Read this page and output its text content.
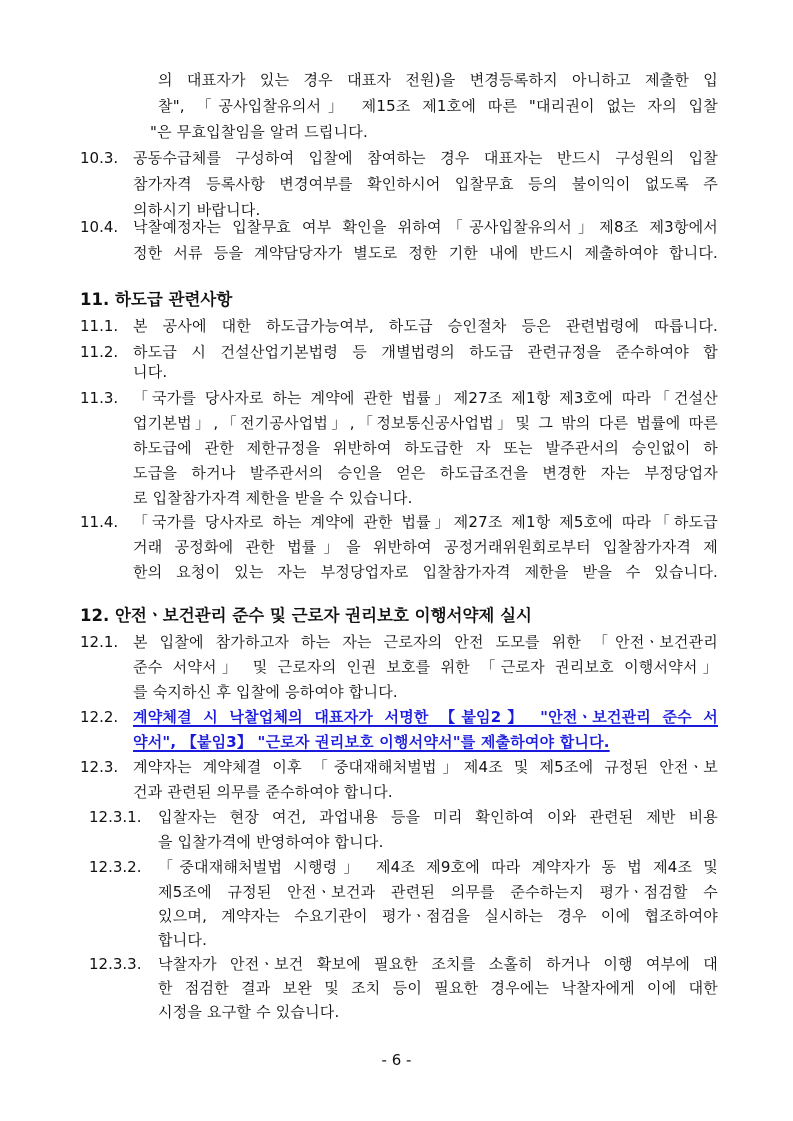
의 대표자가 있는 경우 대표자 전원)을 변경등록하지 아니하고 제출한 입
찰", 「공사입찰유의서」 제15조 제1호에 따른 "대리권이 없는 자의 입찰
"은 무효입찰임을 알려 드립니다.
10.3. 공동수급체를 구성하여 입찰에 참여하는 경우 대표자는 반드시 구성원의 입찰
참가자격 등록사항 변경여부를 확인하시어 입찰무효 등의 불이익이 없도록 주
의하시기 바랍니다.
10.4. 낙찰예정자는 입찰무효 여부 확인을 위하여「공사입찰유의서」제8조 제3항에서
정한 서류 등을 계약담당자가 별도로 정한 기한 내에 반드시 제출하여야 합니다.
11. 하도급 관련사항
11.1. 본 공사에 대한 하도급가능여부, 하도급 승인절차 등은 관련법령에 따릅니다.
11.2. 하도급 시 건설산업기본법령 등 개별법령의 하도급 관련규정을 준수하여야 합
니다.
11.3. 「국가를 당사자로 하는 계약에 관한 법률」제27조 제1항 제3호에 따라「건설산
업기본법」,「전기공사업법」,「정보통신공사업법」및 그 밖의 다른 법률에 따른
하도급에 관한 제한규정을 위반하여 하도급한 자 또는 발주관서의 승인없이 하
도급을 하거나 발주관서의 승인을 얻은 하도급조건을 변경한 자는 부정당업자
로 입찰참가자격 제한을 받을 수 있습니다.
11.4. 「국가를 당사자로 하는 계약에 관한 법률」제27조 제1항 제5호에 따라「하도급
거래 공정화에 관한 법률」을 위반하여 공정거래위원회로부터 입찰참가자격 제
한의 요청이 있는 자는 부정당업자로 입찰참가자격 제한을 받을 수 있습니다.
12. 안전ㆍ보건관리 준수 및 근로자 권리보호 이행서약제 실시
12.1. 본 입찰에 참가하고자 하는 자는 근로자의 안전 도모를 위한 「안전ㆍ보건관리
준수 서약서」 및 근로자의 인권 보호를 위한 「근로자 권리보호 이행서약서」
를 숙지하신 후 입찰에 응하여야 합니다.
12.2. 계약체결 시 낙찰업체의 대표자가 서명한 【붙임2】 "안전ㆍ보건관리 준수 서
약서", 【붙임3】 "근로자 권리보호 이행서약서"를 제출하여야 합니다.
12.3. 계약자는 계약체결 이후 「중대재해처벌법」제4조 및 제5조에 규정된 안전ㆍ보
건과 관련된 의무를 준수하여야 합니다.
12.3.1. 입찰자는 현장 여건, 과업내용 등을 미리 확인하여 이와 관련된 제반 비용
을 입찰가격에 반영하여야 합니다.
12.3.2. 「중대재해처벌법 시행령」 제4조 제9호에 따라 계약자가 동 법 제4조 및
제5조에 규정된 안전ㆍ보건과 관련된 의무를 준수하는지 평가ㆍ점검할 수
있으며, 계약자는 수요기관이 평가ㆍ점검을 실시하는 경우 이에 협조하여야
합니다.
12.3.3. 낙찰자가 안전ㆍ보건 확보에 필요한 조치를 소홀히 하거나 이행 여부에 대
한 점검한 결과 보완 및 조치 등이 필요한 경우에는 낙찰자에게 이에 대한
시정을 요구할 수 있습니다.
- 6 -
